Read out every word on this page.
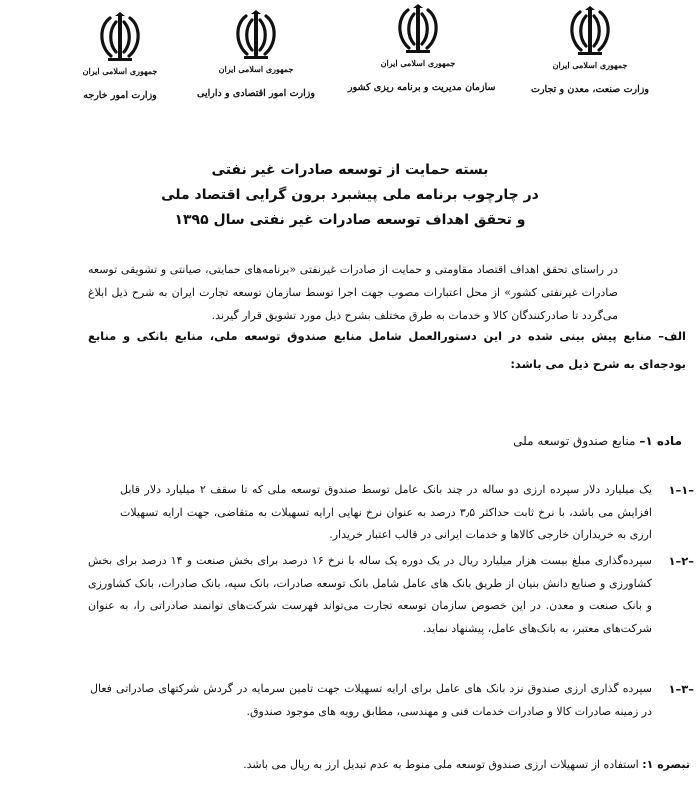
جمهوری اسلامی ایران
وزارت صنعت، معدن و تجارت
جمهوری اسلامی ایران
سازمان مدیریت و برنامه ریزی کشور
جمهوری اسلامی ایران
وزارت امور اقتصادی و دارایی
جمهوری اسلامی ایران
وزارت امور خارجه
بسته حمایت از توسعه صادرات غیر نفتی
در چارچوب برنامه ملی پیشبرد برون گرایی اقتصاد ملی
و تحقق اهداف توسعه صادرات غیر نفتی سال ۱۳۹۵
در راستای تحقق اهداف اقتصاد مقاومتی و حمایت از صادرات غیرنفتی «برنامه‌های حمایتی، صیانتی و تشویقی توسعه صادرات غیرنفتی کشور» از محل اعتبارات مصوب جهت اجرا توسط سازمان توسعه تجارت ایران به شرح ذیل ابلاغ می‌گردد تا صادرکنندگان کالا و خدمات به طرق مختلف بشرح ذیل مورد تشویق قرار گیرند.
الف– منابع پیش بینی شده در این دستورالعمل شامل منابع صندوق توسعه ملی، منابع بانکی و منابع بودجه‌ای به شرح ذیل می باشد:
ماده ۱– منابع صندوق توسعه ملی
۱–۱–
یک میلیارد دلار سپرده ارزی دو ساله در چند بانک عامل توسط صندوق توسعه ملی که تا سقف ۲ میلیارد دلار قابل افزایش می باشد، با نرخ ثابت حداکثر ۳٫۵ درصد به عنوان نرخ نهایی ارایه تسهیلات به متقاضی، جهت ارایه تسهیلات ارزی به خریداران خارجی کالاها و خدمات ایرانی در قالب اعتبار خریدار.
۱–۲–
سپرده‌گذاری مبلغ بیست هزار میلیارد ریال در یک دوره یک ساله با نرخ ۱۶ درصد برای بخش صنعت و ۱۴ درصد برای بخش کشاورزی و صنایع دانش بنیان از طریق بانک های عامل شامل بانک توسعه صادرات، بانک سپه، بانک صادرات، بانک کشاورزی و بانک صنعت و معدن. در این خصوص سازمان توسعه تجارت می‌تواند فهرست شرکت‌های توانمند صادراتی را، به عنوان شرکت‌های معتبر، به بانک‌های عامل، پیشنهاد نماید.
۱–۳–
سپرده گذاری ارزی صندوق نزد بانک های عامل برای ارایه تسهیلات جهت تامین سرمایه در گردش شرکتهای صادراتی فعال در زمینه صادرات کالا و صادرات خدمات فنی و مهندسی، مطابق رویه های موجود صندوق.
تبصره ۱: استفاده از تسهیلات ارزی صندوق توسعه ملی منوط به عدم تبدیل ارز به ریال می باشد.
